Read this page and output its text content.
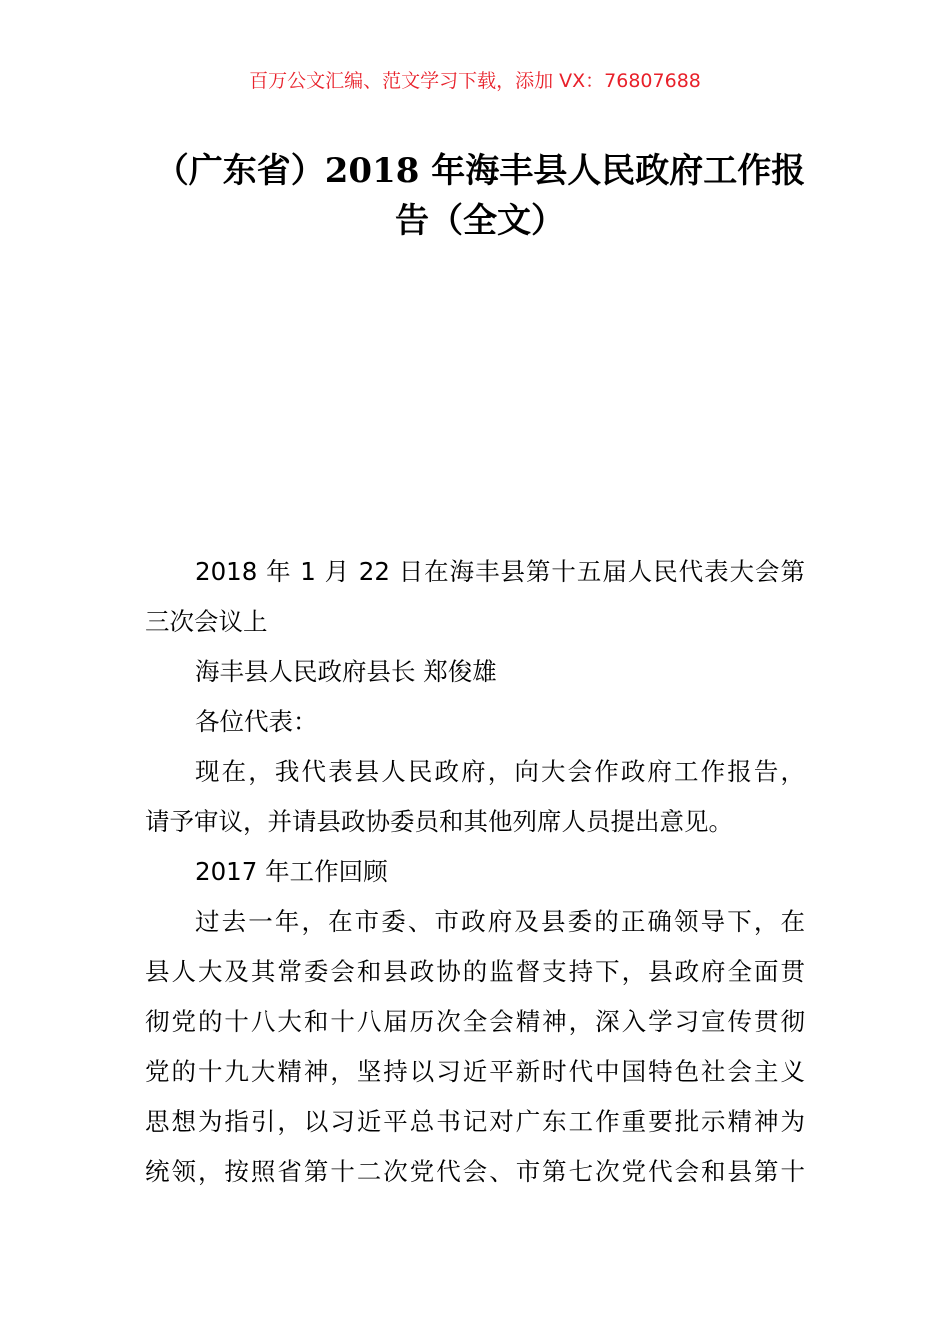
百万公文汇编、范文学习下载，添加 VX：76807688
（广东省）2018 年海丰县人民政府工作报
告（全文）
2018 年 1 月 22 日在海丰县第十五届人民代表大会第
三次会议上
海丰县人民政府县长 郑俊雄
各位代表：
现在，我代表县人民政府，向大会作政府工作报告，
请予审议，并请县政协委员和其他列席人员提出意见。
2017 年工作回顾
过去一年，在市委、市政府及县委的正确领导下，在
县人大及其常委会和县政协的监督支持下，县政府全面贯
彻党的十八大和十八届历次全会精神，深入学习宣传贯彻
党的十九大精神，坚持以习近平新时代中国特色社会主义
思想为指引，以习近平总书记对广东工作重要批示精神为
统领，按照省第十二次党代会、市第七次党代会和县第十
